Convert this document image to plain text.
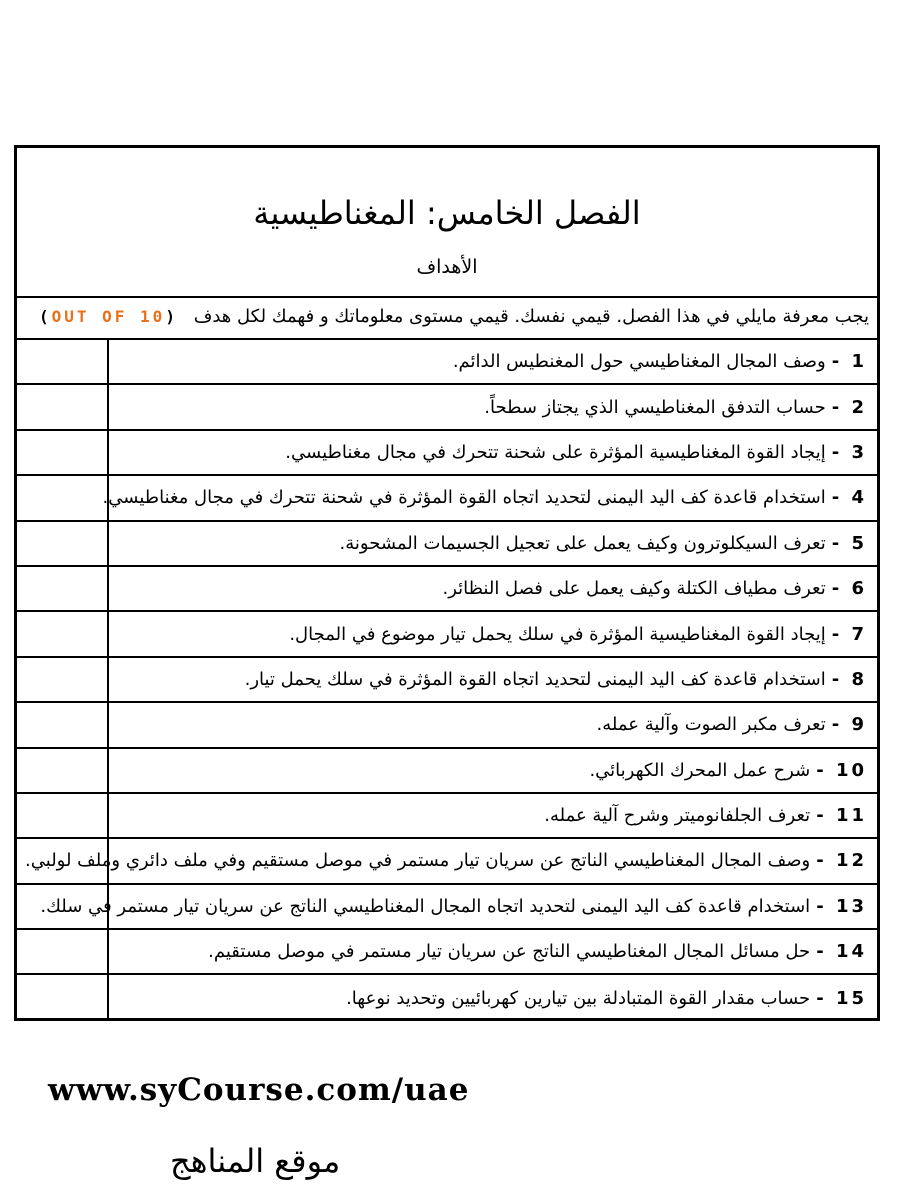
الفصل الخامس: المغناطيسية
الأهداف
يجب معرفة مايلي في هذا الفصل. قيمي نفسك. قيمي مستوى معلوماتك و فهمك لكل هدف (OUT OF 10)
1 -
وصف المجال المغناطيسي حول المغنطيس الدائم.
2 -
حساب التدفق المغناطيسي الذي يجتاز سطحاً.
3 -
إيجاد القوة المغناطيسية المؤثرة على شحنة تتحرك في مجال مغناطيسي.
4 -
استخدام قاعدة كف اليد اليمنى لتحديد اتجاه القوة المؤثرة في شحنة تتحرك في مجال مغناطيسي.
5 -
تعرف السيكلوترون وكيف يعمل على تعجيل الجسيمات المشحونة.
6 -
تعرف مطياف الكتلة وكيف يعمل على فصل النظائر.
7 -
إيجاد القوة المغناطيسية المؤثرة في سلك يحمل تيار موضوع في المجال.
8 -
استخدام قاعدة كف اليد اليمنى لتحديد اتجاه القوة المؤثرة في سلك يحمل تيار.
9 -
تعرف مكبر الصوت وآلية عمله.
10 -
شرح عمل المحرك الكهربائي.
11 -
تعرف الجلفانوميتر وشرح آلية عمله.
12 -
وصف المجال المغناطيسي الناتج عن سريان تيار مستمر في موصل مستقيم وفي ملف دائري وملف لولبي.
13 -
استخدام قاعدة كف اليد اليمنى لتحديد اتجاه المجال المغناطيسي الناتج عن سريان تيار مستمر في سلك.
14 -
حل مسائل المجال المغناطيسي الناتج عن سريان تيار مستمر في موصل مستقيم.
15 -
حساب مقدار القوة المتبادلة بين تيارين كهربائيين وتحديد نوعها.
www.syCourse.com/uae
موقع المناهج
